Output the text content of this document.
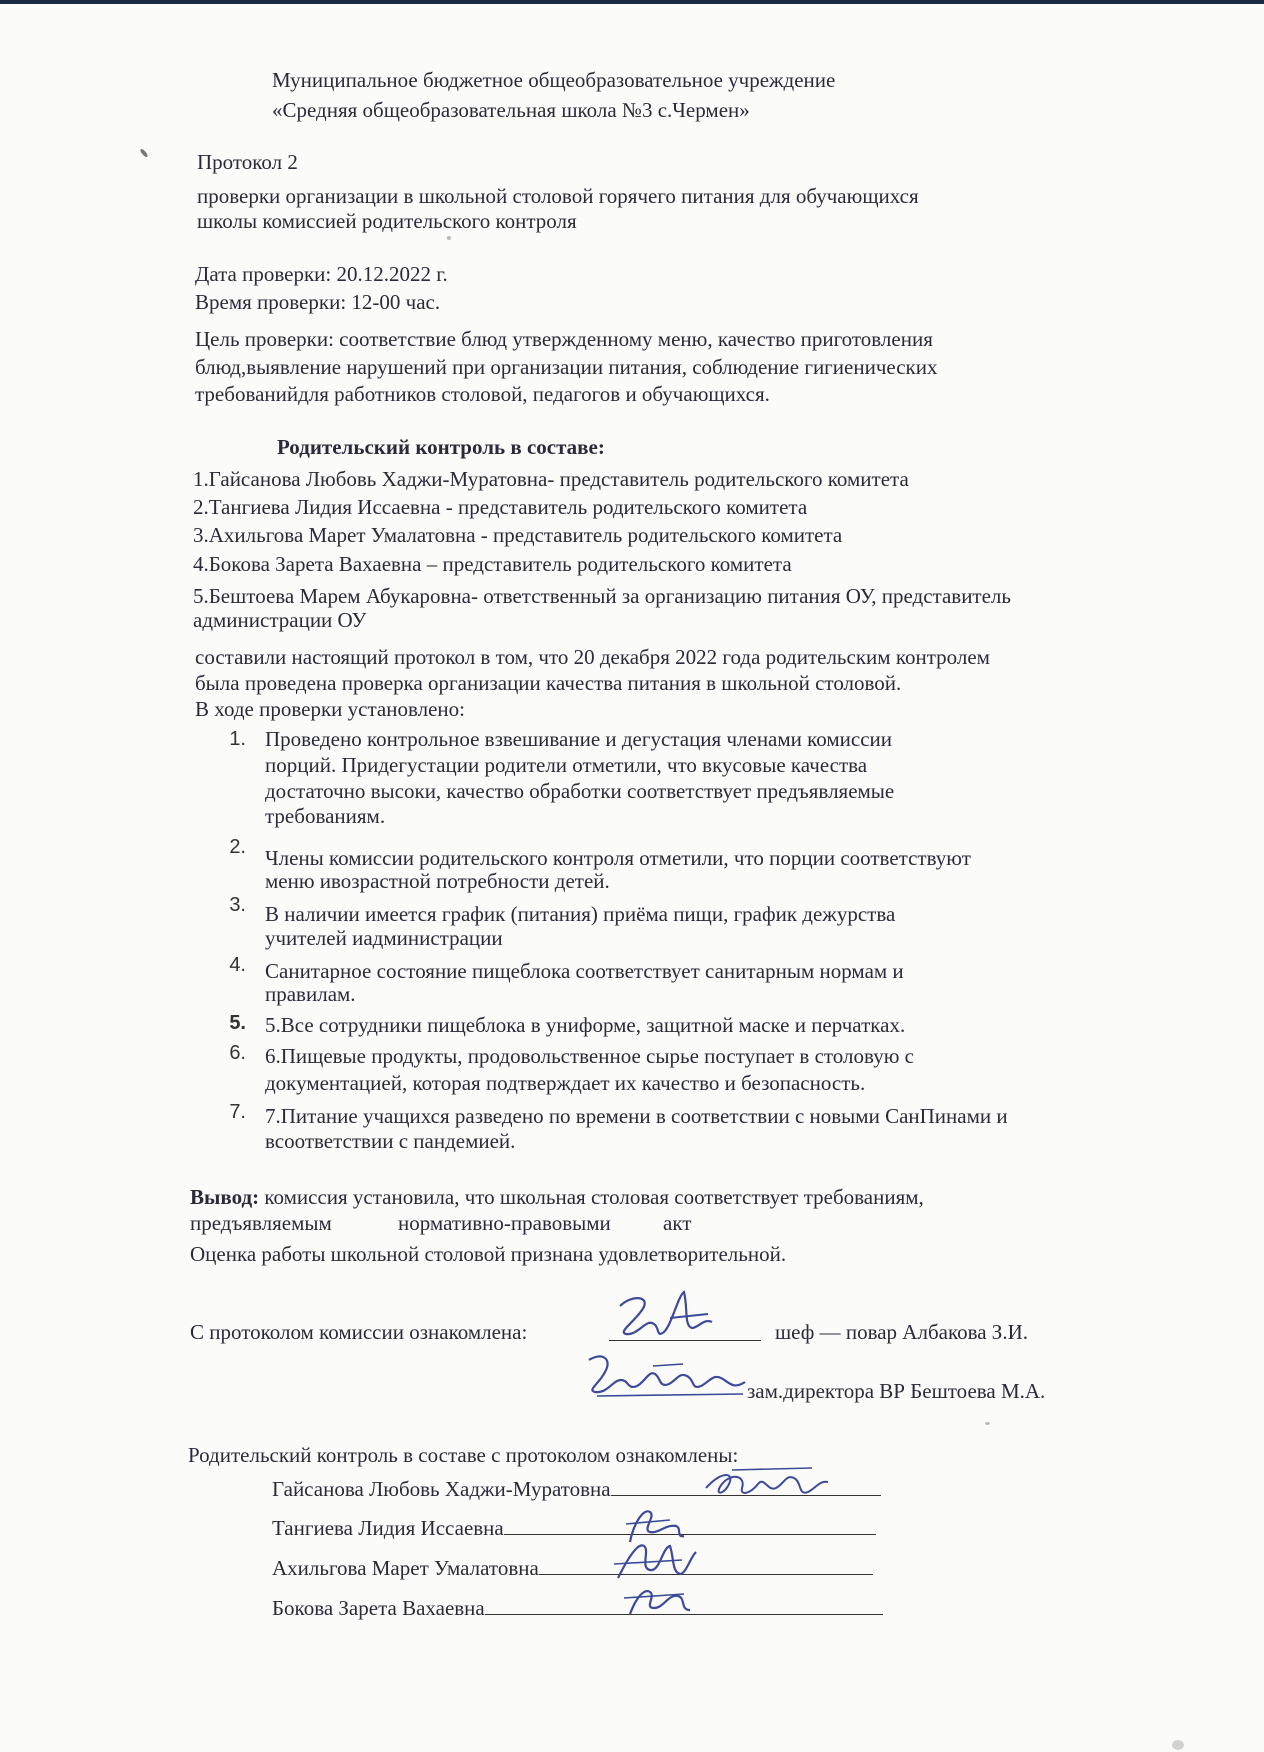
Муниципальное бюджетное общеобразовательное учреждение
«Средняя общеобразовательная школа №3 с.Чермен»
Протокол 2
проверки организации в школьной столовой горячего питания для обучающихся
школы комиссией родительского контроля
Дата проверки: 20.12.2022 г.
Время проверки: 12-00 час.
Цель проверки: соответствие блюд утвержденному меню, качество приготовления
блюд,выявление нарушений при организации питания, соблюдение гигиенических
требованийдля работников столовой, педагогов и обучающихся.
Родительский контроль в составе:
1.Гайсанова Любовь Хаджи-Муратовна- представитель родительского комитета
2.Тангиева Лидия Иссаевна - представитель родительского комитета
3.Ахильгова Марет Умалатовна - представитель родительского комитета
4.Бокова Зарета Вахаевна – представитель родительского комитета
5.Бештоева Марем Абукаровна- ответственный за организацию питания ОУ, представитель
администрации ОУ
составили настоящий протокол в том, что 20 декабря 2022 года родительским контролем
была проведена проверка организации качества питания в школьной столовой.
В ходе проверки установлено:
1. Проведено контрольное взвешивание и дегустация членами комиссии
порций. Придегустации родители отметили, что вкусовые качества
достаточно высоки, качество обработки соответствует предъявляемые
требованиям.
2. Члены комиссии родительского контроля отметили, что порции соответствуют
меню ивозрастной потребности детей.
3. В наличии имеется график (питания) приёма пищи, график дежурства
учителей иадминистрации
4. Санитарное состояние пищеблока соответствует санитарным нормам и
правилам.
5. 5.Все сотрудники пищеблока в униформе, защитной маске и перчатках.
6. 6.Пищевые продукты, продовольственное сырье поступает в столовую с
документацией, которая подтверждает их качество и безопасность.
7. 7.Питание учащихся разведено по времени в соответствии с новыми СанПинами и
всоответствии с пандемией.
Вывод: комиссия установила, что школьная столовая соответствует требованиям,
предъявляемым	нормативно-правовыми акт
Оценка работы школьной столовой признана удовлетворительной.
С протоколом комиссии ознакомлена:	шеф — повар Албакова З.И.
зам.директора ВР Бештоева М.А.
Родительский контроль в составе с протоколом ознакомлены:
Гайсанова Любовь Хаджи-Муратовна
Тангиева Лидия Иссаевна
Ахильгова Марет Умалатовна
Бокова Зарета Вахаевна
